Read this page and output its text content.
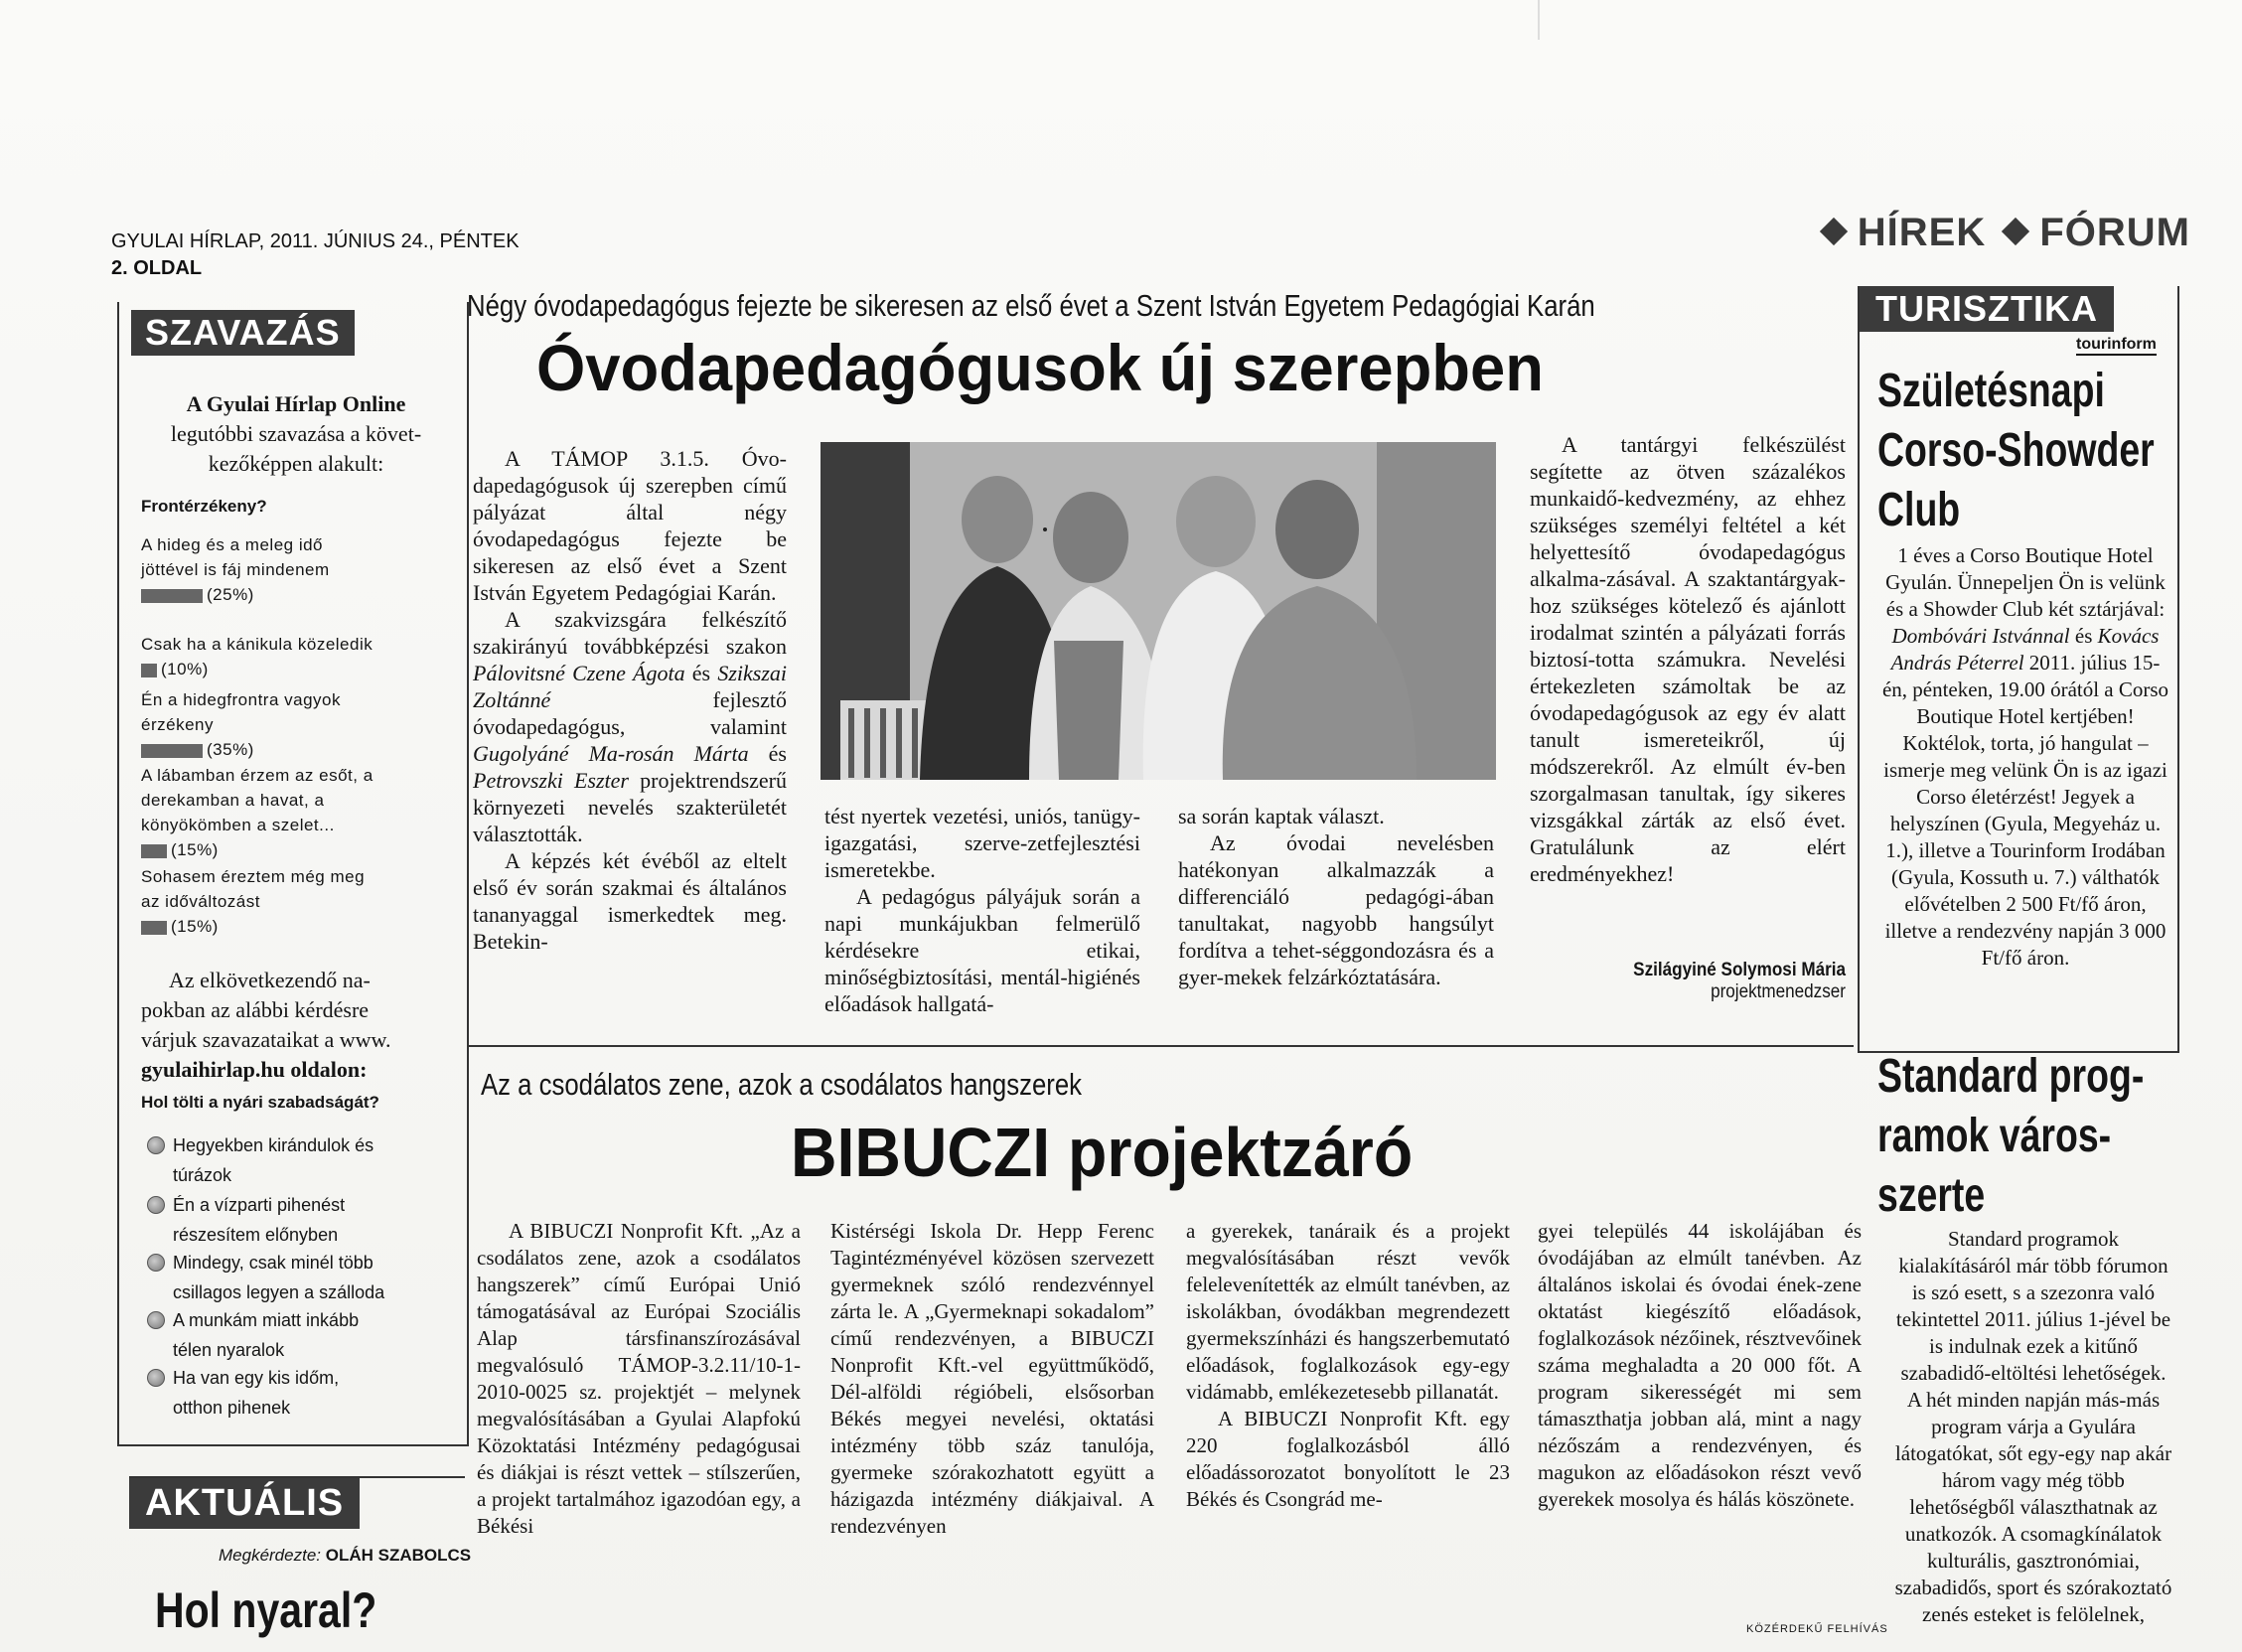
GYULAI HÍRLAP, 2011. JÚNIUS 24., PÉNTEK
2. OLDAL
HÍREK FÓRUM
SZAVAZÁS
A Gyulai Hírlap Online
legutóbbi szavazása a követ-
kezőképpen alakult:
Frontérzékeny?
A hideg és a meleg idő
jöttével is fáj mindenem
(25%)
Csak ha a kánikula közeledik
(10%)
Én a hidegfrontra vagyok
érzékeny
(35%)
A lábamban érzem az esőt, a
derekamban a havat, a
könyökömben a szelet...
(15%)
Sohasem éreztem még meg
az időváltozást
(15%)
Az elkövetkezendő na-
pokban az alábbi kérdésre
várjuk szavazataikat a www.
gyulaihirlap.hu oldalon:
Hol tölti a nyári szabadságát?
Hegyekben kirándulok és
túrázok
Én a vízparti pihenést
részesítem előnyben
Mindegy, csak minél több
csillagos legyen a szálloda
A munkám miatt inkább
télen nyaralok
Ha van egy kis időm,
otthon pihenek
AKTUÁLIS
Megkérdezte: OLÁH SZABOLCS
Hol nyaral?
Négy óvodapedagógus fejezte be sikeresen az első évet a Szent István Egyetem Pedagógiai Karán
Óvodapedagógusok új szerepben

A TÁMOP 3.1.5. Óvo-dapedagógusok új szerepben című pályázat által négy óvodapedagógus fejezte be sikeresen az első évet a Szent István Egyetem Pedagógiai Karán.

A szakvizsgára felkészítő szakirányú továbbképzési szakon Pálovitsné Czene Ágota és Szikszai Zoltánné	fejlesztő óvodapedagógus, valamint Gugolyáné Ma-rosán Márta és Petrovszki Eszter projektrendszerű környezeti nevelés szakterületét választották.

A képzés két évéből az eltelt első év során szakmai és általános tananyaggal ismerkedtek meg. Betekin-

tést nyertek vezetési, uniós, tanügy-igazgatási, szerve-zetfejlesztési ismeretekbe.

A pedagógus pályájuk során a napi munkájukban felmerülő kérdésekre etikai, minőségbiztosítási, mentál-higiénés előadások hallgatá-

sa során kaptak választ.

Az óvodai nevelésben hatékonyan alkalmazzák a differenciáló pedagógi-ában tanultakat, nagyobb hangsúlyt fordítva a tehet-séggondozásra és a gyer-mekek felzárkóztatására.

A tantárgyi felkészülést segítette az ötven százalékos munkaidő-kedvezmény, az ehhez szükséges személyi feltétel a két helyettesítő óvodapedagógus alkalma-zásával. A szaktantárgyak-hoz szükséges kötelező és ajánlott irodalmat szintén a pályázati forrás biztosí-totta számukra. Nevelési értekezleten számoltak be az óvodapedagógusok az egy év alatt tanult ismereteikről, új módszerekről. Az elmúlt év-ben szorgalmasan tanultak, így sikeres vizsgákkal zárták az első évet. Gratulálunk az elért eredményekhez!

Szilágyiné Solymosi Mária
projektmenedzser
Az a csodálatos zene, azok a csodálatos hangszerek
BIBUCZI projektzáró

A BIBUCZI Nonprofit Kft. „Az a csodálatos zene, azok a csodálatos hangszerek” című Európai Unió támogatásával az Európai Szociális Alap társfinanszírozásával megvalósuló TÁMOP-3.2.11/10-1-2010-0025 sz. projektjét – melynek megvalósításában a Gyulai Alapfokú Közoktatási Intézmény pedagógusai és diákjai is részt vettek – stílszerűen, a projekt tartalmához igazodóan egy, a Békési

Kistérségi Iskola Dr. Hepp Ferenc Tagintézményével közösen szervezett gyermeknek szóló rendezvénnyel zárta le. A „Gyermeknapi sokadalom” című rendezvényen, a BIBUCZI Nonprofit Kft.-vel együttműködő, Dél-alföldi régióbeli, elsősorban Békés megyei nevelési, oktatási intézmény több száz tanulója, gyermeke szórakozhatott együtt a házigazda intézmény diákjaival. A rendezvényen

a gyerekek, tanáraik és a projekt megvalósításában részt vevők felelevenítették az elmúlt tanévben, az iskolákban, óvodákban megrendezett gyermekszínházi és hangszerbemutató előadások, foglalkozások egy-egy vidámabb, emlékezetesebb pillanatát.

A BIBUCZI Nonprofit Kft. egy 220 foglalkozásból álló előadássorozatot bonyolított le 23 Békés és Csongrád me-

gyei település 44 iskolájában és óvodájában az elmúlt tanévben. Az általános iskolai és óvodai ének-zene oktatást kiegészítő előadások, foglalkozások nézőinek, résztvevőinek száma meghaladta a 20 000 főt. A program sikerességét mi sem támaszthatja jobban alá, mint a nagy nézőszám a rendezvényen, és magukon az előadásokon részt vevő gyerekek mosolya és hálás köszönete.

TURISZTIKA
tourinform
Születésnapi
Corso-Showder
Club
1 éves a Corso Boutique Hotel Gyulán. Ünnepeljen Ön is velünk és a Showder Club két sztárjával: Dombóvári Istvánnal és Kovács András Péterrel 2011. július 15-én, pénteken, 19.00 órától a Corso Boutique Hotel kertjében! Koktélok, torta, jó hangulat – ismerje meg velünk Ön is az igazi Corso életérzést! Jegyek a helyszínen (Gyula, Megyeház u. 1.), illetve a Tourinform Irodában (Gyula, Kossuth u. 7.) válthatók elővételben 2 500 Ft/fő áron, illetve a rendezvény napján 3 000 Ft/fő áron.
Standard prog-
ramok város-
szerte
Standard programok kialakításáról már több fórumon is szó esett, s a szezonra való tekintettel 2011. július 1-jével be is indulnak ezek a kitűnő szabadidő-eltöltési lehetőségek. A hét minden napján más-más program várja a Gyulára látogatókat, sőt egy-egy nap akár három vagy még több lehetőségből választhatnak az unatkozók. A csomagkínálatok kulturális, gasztronómiai, szabadidős, sport és szórakoztató zenés esteket is felölelnek,
KÖZÉRDEKŰ FELHÍVÁS
